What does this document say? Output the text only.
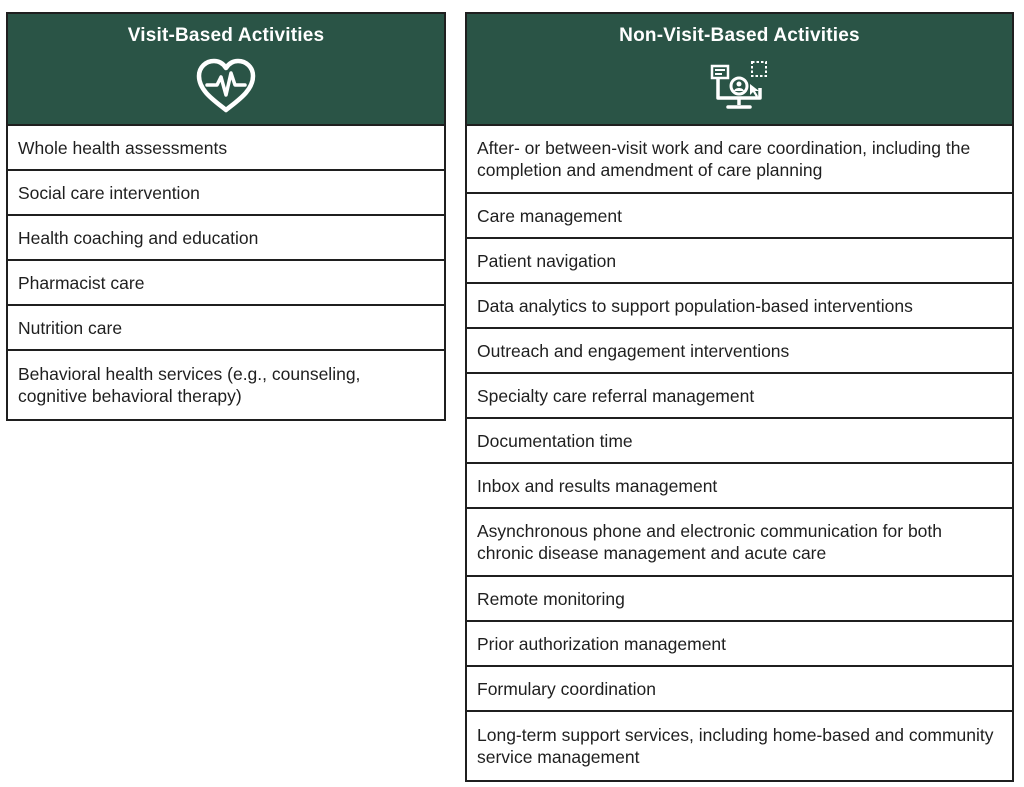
Visit-Based Activities
Whole health assessments
Social care intervention
Health coaching and education
Pharmacist care
Nutrition care
Behavioral health services (e.g., counseling, cognitive behavioral therapy)
Non-Visit-Based Activities
After- or between-visit work and care coordination, including the completion and amendment of care planning
Care management
Patient navigation
Data analytics to support population-based interventions
Outreach and engagement interventions
Specialty care referral management
Documentation time
Inbox and results management
Asynchronous phone and electronic communication for both chronic disease management and acute care
Remote monitoring
Prior authorization management
Formulary coordination
Long-term support services, including home-based and community service management
